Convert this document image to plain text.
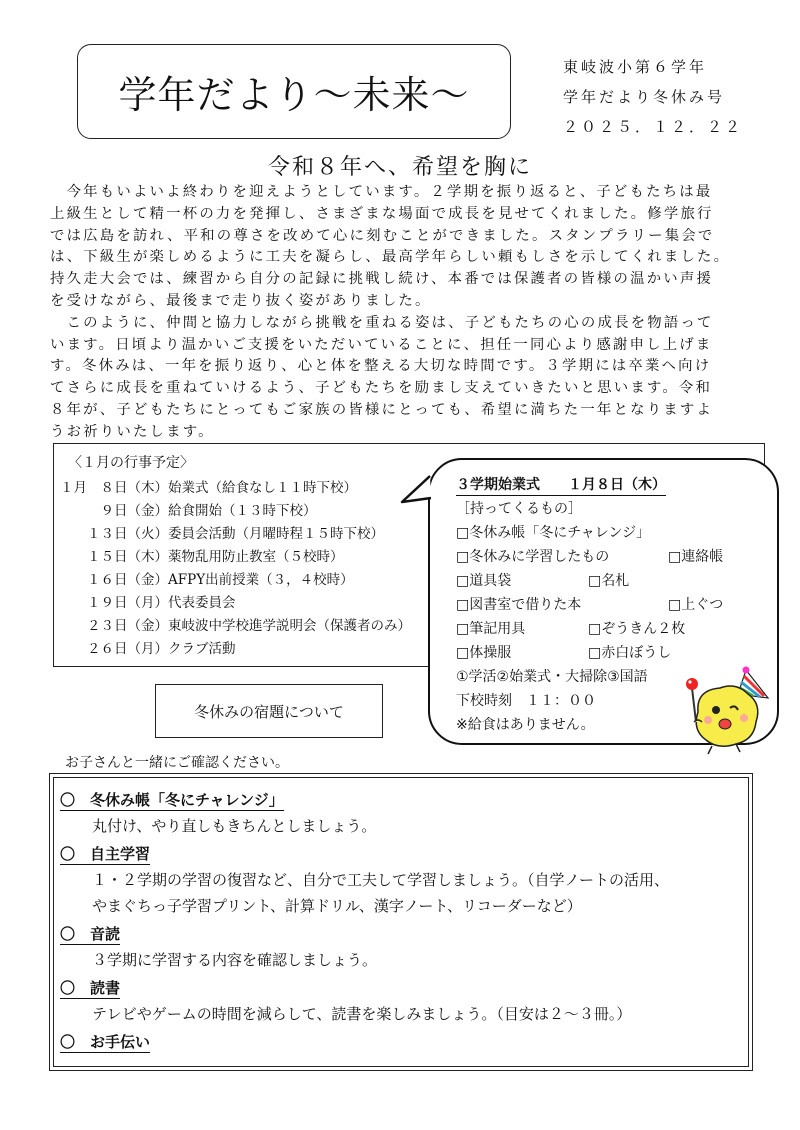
学年だより～未来～
東岐波小第６学年
学年だより冬休み号
２０２５．１２．２２
令和８年へ、希望を胸に
　今年もいよいよ終わりを迎えようとしています。２学期を振り返ると、子どもたちは最
上級生として精一杯の力を発揮し、さまざまな場面で成長を見せてくれました。修学旅行
では広島を訪れ、平和の尊さを改めて心に刻むことができました。スタンプラリー集会で
は、下級生が楽しめるように工夫を凝らし、最高学年らしい頼もしさを示してくれました。
持久走大会では、練習から自分の記録に挑戦し続け、本番では保護者の皆様の温かい声援
を受けながら、最後まで走り抜く姿がありました。
　このように、仲間と協力しながら挑戦を重ねる姿は、子どもたちの心の成長を物語って
います。日頃より温かいご支援をいただいていることに、担任一同心より感謝申し上げま
す。冬休みは、一年を振り返り、心と体を整える大切な時間です。３学期には卒業へ向け
てさらに成長を重ねていけるよう、子どもたちを励まし支えていきたいと思います。令和
８年が、子どもたちにとってもご家族の皆様にとっても、希望に満ちた一年となりますよ
うお祈りいたします。
〈１月の行事予定〉
１月　８日（木）始業式（給食なし１１時下校）
　　　９日（金）給食開始（１３時下校）
　　１３日（火）委員会活動（月曜時程１５時下校）
　　１５日（木）薬物乱用防止教室（５校時）
　　１６日（金）AFPY出前授業（３，４校時）
　　１９日（月）代表委員会
　　２３日（金）東岐波中学校進学説明会（保護者のみ）
　　２６日（月）クラブ活動
３学期始業式　　１月８日（木）
［持ってくるもの］
□冬休み帳「冬にチャレンジ」
□冬休みに学習したもの	□連絡帳
□道具袋	□名札
□図書室で借りた本	□上ぐつ
□筆記用具	□ぞうきん２枚
□体操服	□赤白ぼうし
①学活②始業式・大掃除③国語
下校時刻　１１：００
※給食はありません。
冬休みの宿題について
お子さんと一緒にご確認ください。
〇　冬休み帳「冬にチャレンジ」
丸付け、やり直しもきちんとしましょう。
〇　自主学習
１・２学期の学習の復習など、自分で工夫して学習しましょう。（自学ノートの活用、
やまぐちっ子学習プリント、計算ドリル、漢字ノート、リコーダーなど）
〇　音読
３学期に学習する内容を確認しましょう。
〇　読書
テレビやゲームの時間を減らして、読書を楽しみましょう。（目安は２～３冊。）
〇　お手伝い
